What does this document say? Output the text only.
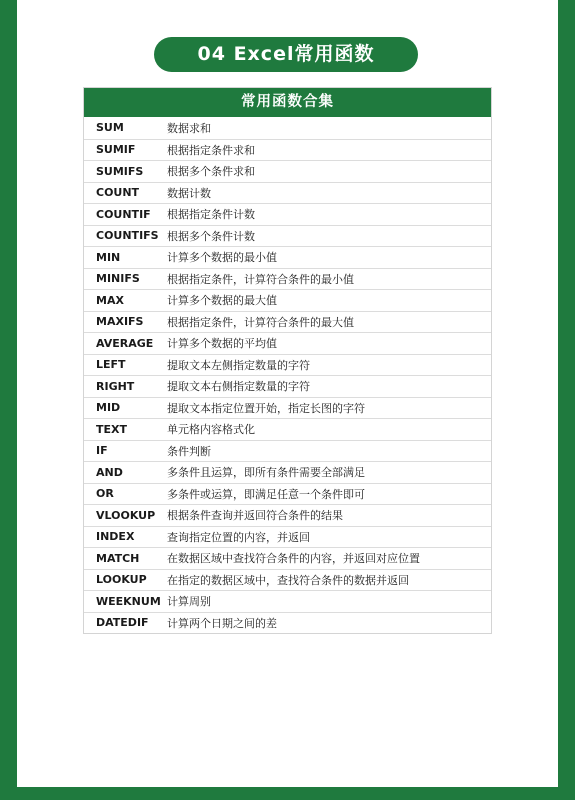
04 Excel常用函数
常用函数合集
SUM	数据求和
SUMIF	根据指定条件求和
SUMIFS	根据多个条件求和
COUNT	数据计数
COUNTIF	根据指定条件计数
COUNTIFS 根据多个条件计数
MIN	计算多个数据的最小值
MINIFS	根据指定条件，计算符合条件的最小值
MAX	计算多个数据的最大值
MAXIFS	根据指定条件，计算符合条件的最大值
AVERAGE	计算多个数据的平均值
LEFT	提取文本左侧指定数量的字符
RIGHT	提取文本右侧指定数量的字符
MID	提取文本指定位置开始，指定长图的字符
TEXT	单元格内容格式化
IF	条件判断
AND	多条件且运算，即所有条件需要全部满足
OR	多条件或运算，即满足任意一个条件即可
VLOOKUP	根据条件查询并返回符合条件的结果
INDEX	查询指定位置的内容，并返回
MATCH	在数据区域中查找符合条件的内容，并返回对应位置
LOOKUP	在指定的数据区域中，查找符合条件的数据并返回
WEEKNUM 计算周别
DATEDIF	计算两个日期之间的差
